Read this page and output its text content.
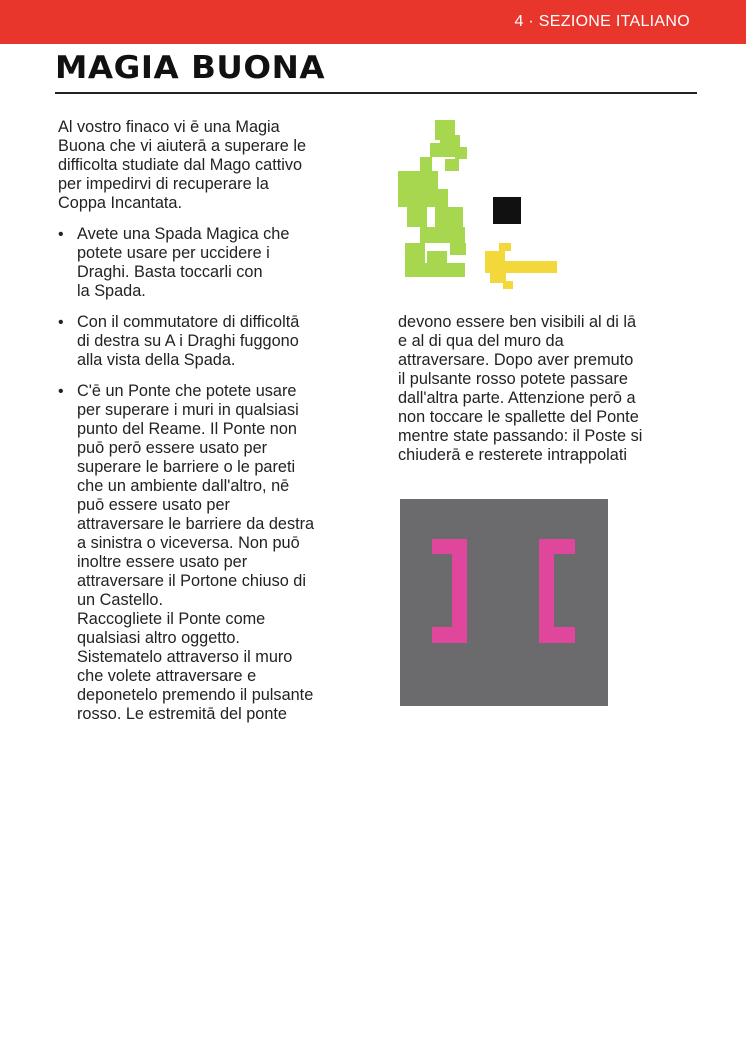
4 · SEZIONE ITALIANO
MAGIA BUONA

Al vostro finaco vi ē una Magia
Buona che vi aiuterā a superare le
difficolta studiate dal Mago cattivo
per impedirvi di recuperare la
Coppa Incantata.

• Avete una Spada Magica che
potete usare per uccidere i
Draghi. Basta toccarli con
la Spada.
• Con il commutatore di difficoltā
di destra su A i Draghi fuggono
alla vista della Spada.
• C'ē un Ponte che potete usare
per superare i muri in qualsiasi
punto del Reame. Il Ponte non
puō perō essere usato per
superare le barriere o le pareti
che un ambiente dall'altro, nē
puō essere usato per
attraversare le barriere da destra
a sinistra o viceversa. Non puō
inoltre essere usato per
attraversare il Portone chiuso di
un Castello.
Raccogliete il Ponte come
qualsiasi altro oggetto.
Sistematelo attraverso il muro
che volete attraversare e
deponetelo premendo il pulsante
rosso. Le estremitā del ponte
devono essere ben visibili al di lā
e al di qua del muro da
attraversare. Dopo aver premuto
il pulsante rosso potete passare
dall'altra parte. Attenzione perō a
non toccare le spallette del Ponte
mentre state passando: il Poste si
chiuderā e resterete intrappolati
